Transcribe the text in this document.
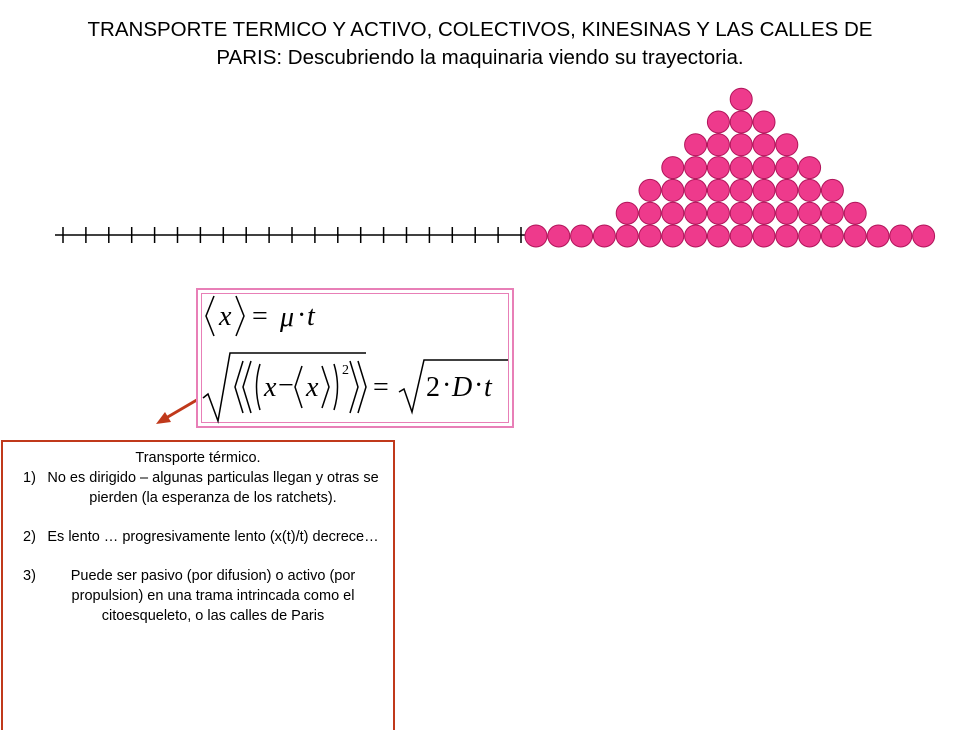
TRANSPORTE TERMICO Y ACTIVO, COLECTIVOS, KINESINAS Y LAS CALLES DE PARIS: Descubriendo la maquinaria viendo su trayectoria.
x = μ · t
x − x
2
= 2 · D · t

Transporte térmico.

1) No es dirigido – algunas particulas llegan y otras se pierden (la esperanza de los ratchets).
2) Es lento … progresivamente lento (x(t)/t) decrece…
3) Puede ser pasivo (por difusion) o activo (por propulsion) en una trama intrincada como el citoesqueleto, o las calles de Paris
